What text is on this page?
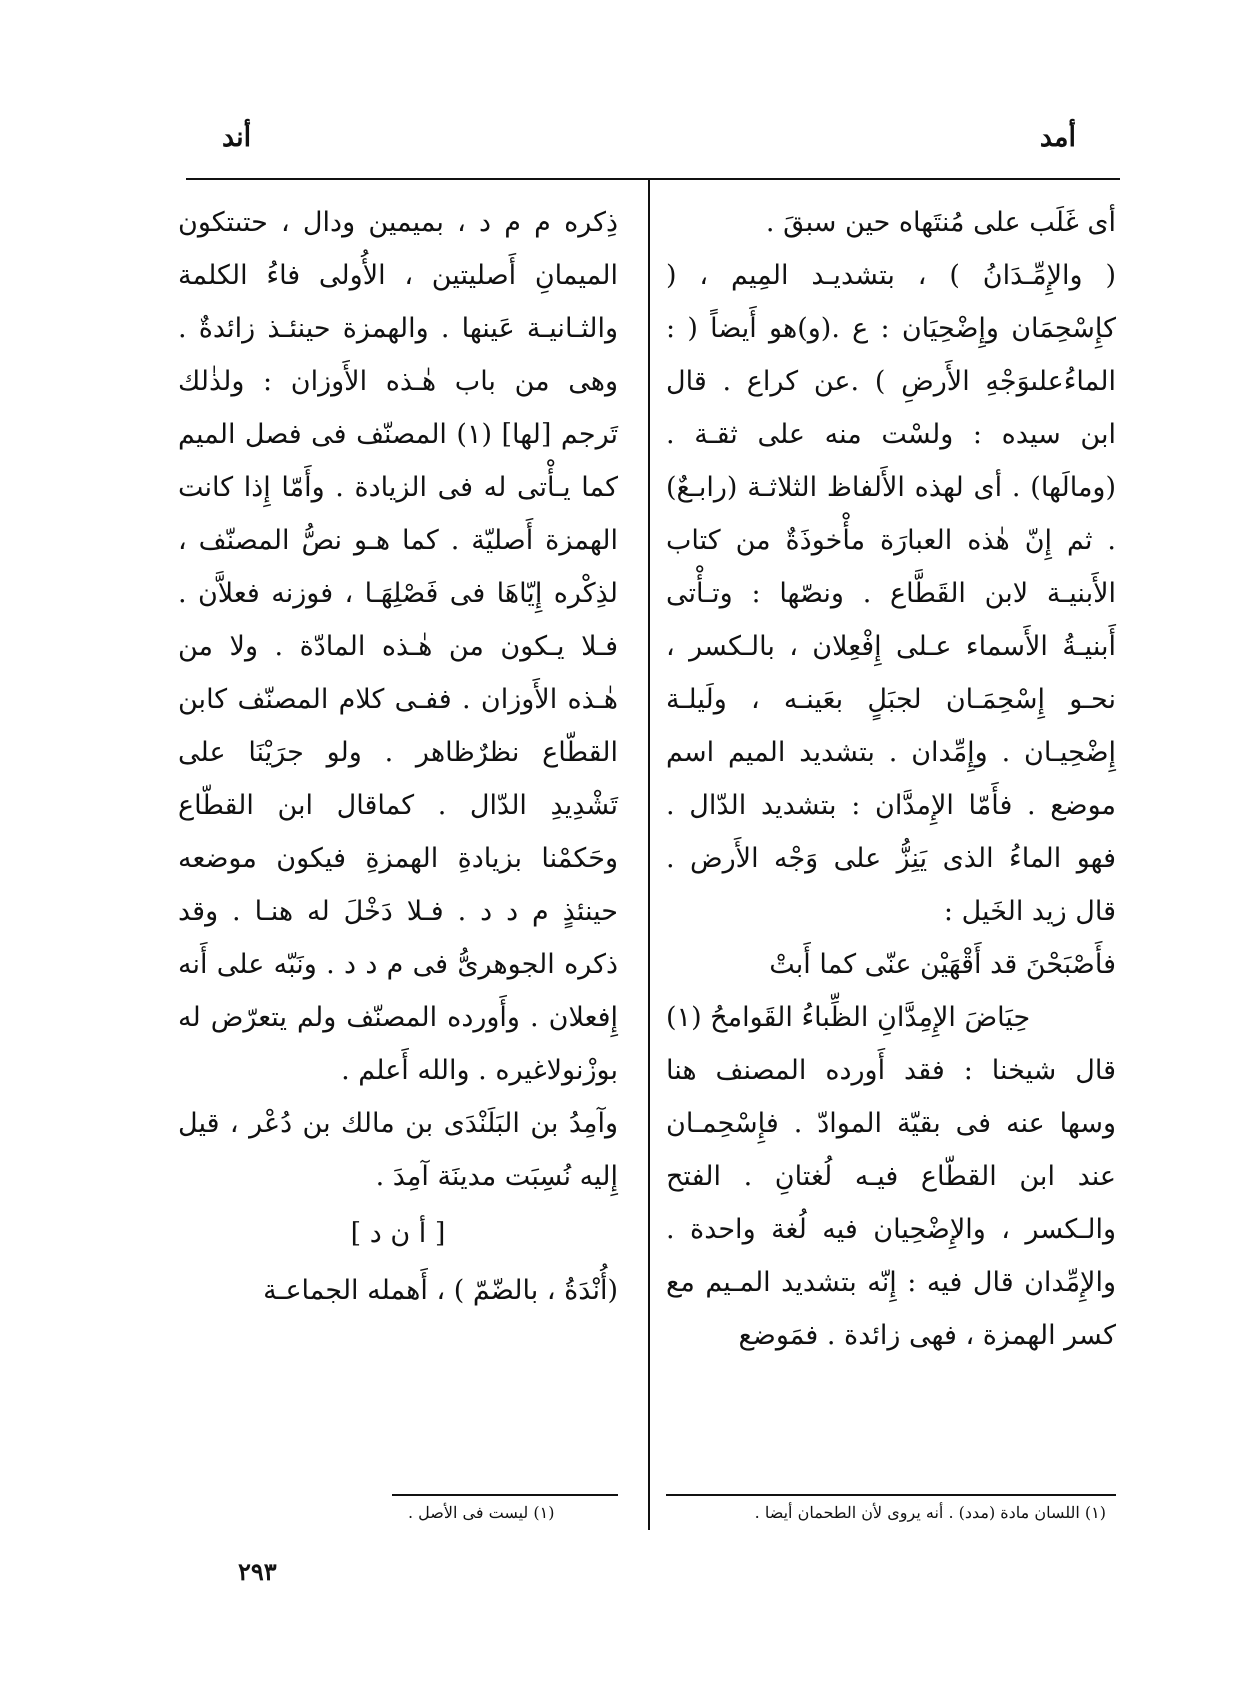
أمد
أند

أى غَلَب على مُنتَهاه حين سبقَ .

( والإِمِّـدَانُ ) ، بتشديـد المِيم ، ( كإِسْحِمَان وإِضْحِيَان : ع .(و)هو أَيضاً ( : الماءُعلىوَجْهِ الأَرضِ ) .عن كراع . قال ابن سيده : ولسْت منه على ثقـة . (ومالَها) . أى لهذه الأَلفاظ الثلاثـة (رابـعٌ) . ثم إِنّ هٰذه العبارَة مأْخوذَةٌ من كتاب الأَبنيـة لابن القَطَّاع . ونصّها : وتـأْتى أَبنيـةُ الأَسماء عـلى إِفْعِلان ، بالـكسر ، نحـو إِسْحِمَـان لجبَلٍ بعَينـه ، ولَيلـة إِضْحِيـان . وإِمِّدان . بتشديد الميم اسم موضع . فأَمّا الإِمدَّان : بتشديد الدّال . فهو الماءُ الذى يَنِزُّ على وَجْه الأَرض . قال زيد الخَيل :

فأَصْبَحْنَ قد أَقْهَيْن عنّى كما أَبتْ
حِيَاضَ الإِمِدَّانِ الظِّباءُ القَوامحُ (١)

قال شيخنا : فقد أَورده المصنف هنا وسها عنه فى بقيّة الموادّ . فإِسْحِمـان عند ابن القطّاع فيـه لُغتانِ . الفتح والـكسر ، والإِضْحِيان فيه لُغة واحدة . والإِمِّدان قال فيه : إِنّه بتشديد المـيم مع كسر الهمزة ، فهى زائدة . فمَوضع

ذِكره م م د ، بميمين ودال ، حتىتكون الميمانِ أَصليتين ، الأُولى فاءُ الكلمة والثـانيـة عَينها . والهمزة حينئـذ زائدةٌ . وهى من باب هٰـذه الأَوزان : ولذٰلك تَرجم [لها] (١) المصنّف فى فصل الميم كما يـأْتى له فى الزيادة . وأَمّا إِذا كانت الهمزة أَصليّة . كما هـو نصُّ المصنّف ، لذِكْره إِيّاهَا فى فَصْلِهَـا ، فوزنه فعلاَّن . فـلا يـكون من هٰـذه المادّة . ولا من هٰـذه الأَوزان . ففـى كلام المصنّف كابن القطّاع نظرٌظاهر . ولو جرَيْنَا على تَشْدِيدِ الدّال . كماقال ابن القطّاع وحَكمْنا بزيادةِ الهمزةِ فيكون موضعه حينئذٍ م د د . فـلا دَخْلَ له هنـا . وقد ذكره الجوهرىُّ فى م د د . ونَبّه على أَنه إِفعلان . وأَورده المصنّف ولم يتعرّض له بوزْنولاغيره . والله أَعلم .

وآمِدُ بن البَلَنْدَى بن مالك بن دُعْر ، قيل إِليه نُسِبَت مدينَة آمِدَ .

[ أ ن د ]

(أُنْدَةُ ، بالضّمّ ) ، أَهمله الجماعـة

(١) اللسان مادة (مدد) . أنه يروى لأن الطحمان أيضا .
(١) ليست فى الأصل .
٢٩٣
